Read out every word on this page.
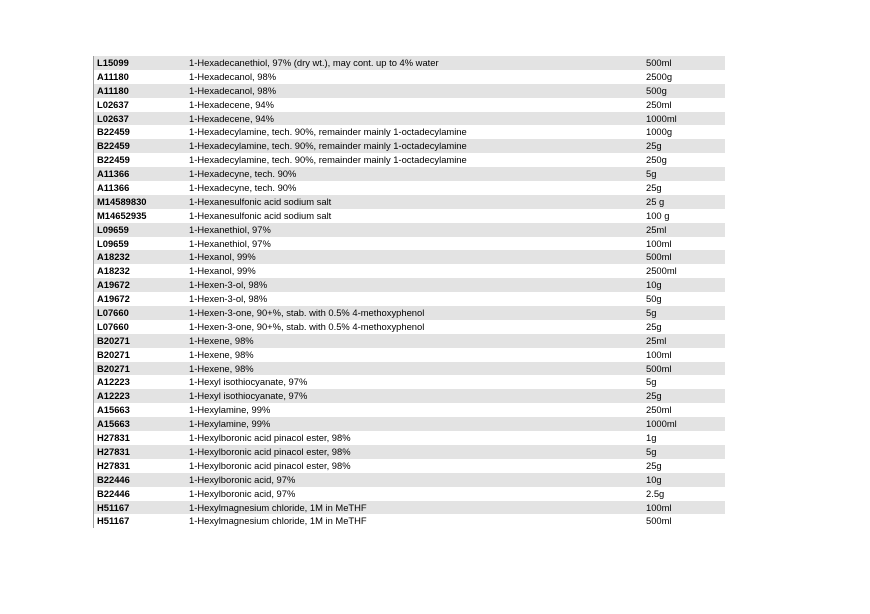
L15099	1-Hexadecanethiol, 97% (dry wt.), may cont. up to 4% water	500ml
A11180	1-Hexadecanol, 98%	2500g
A11180	1-Hexadecanol, 98%	500g
L02637	1-Hexadecene, 94%	250ml
L02637	1-Hexadecene, 94%	1000ml
B22459	1-Hexadecylamine, tech. 90%, remainder mainly 1-octadecylamine	1000g
B22459	1-Hexadecylamine, tech. 90%, remainder mainly 1-octadecylamine	25g
B22459	1-Hexadecylamine, tech. 90%, remainder mainly 1-octadecylamine	250g
A11366	1-Hexadecyne, tech. 90%	5g
A11366	1-Hexadecyne, tech. 90%	25g
M14589830	1-Hexanesulfonic acid sodium salt	25 g
M14652935	1-Hexanesulfonic acid sodium salt	100 g
L09659	1-Hexanethiol, 97%	25ml
L09659	1-Hexanethiol, 97%	100ml
A18232	1-Hexanol, 99%	500ml
A18232	1-Hexanol, 99%	2500ml
A19672	1-Hexen-3-ol, 98%	10g
A19672	1-Hexen-3-ol, 98%	50g
L07660	1-Hexen-3-one, 90+%, stab. with 0.5% 4-methoxyphenol	5g
L07660	1-Hexen-3-one, 90+%, stab. with 0.5% 4-methoxyphenol	25g
B20271	1-Hexene, 98%	25ml
B20271	1-Hexene, 98%	100ml
B20271	1-Hexene, 98%	500ml
A12223	1-Hexyl isothiocyanate, 97%	5g
A12223	1-Hexyl isothiocyanate, 97%	25g
A15663	1-Hexylamine, 99%	250ml
A15663	1-Hexylamine, 99%	1000ml
H27831	1-Hexylboronic acid pinacol ester, 98%	1g
H27831	1-Hexylboronic acid pinacol ester, 98%	5g
H27831	1-Hexylboronic acid pinacol ester, 98%	25g
B22446	1-Hexylboronic acid, 97%	10g
B22446	1-Hexylboronic acid, 97%	2.5g
H51167	1-Hexylmagnesium chloride, 1M in MeTHF	100ml
H51167	1-Hexylmagnesium chloride, 1M in MeTHF	500ml
